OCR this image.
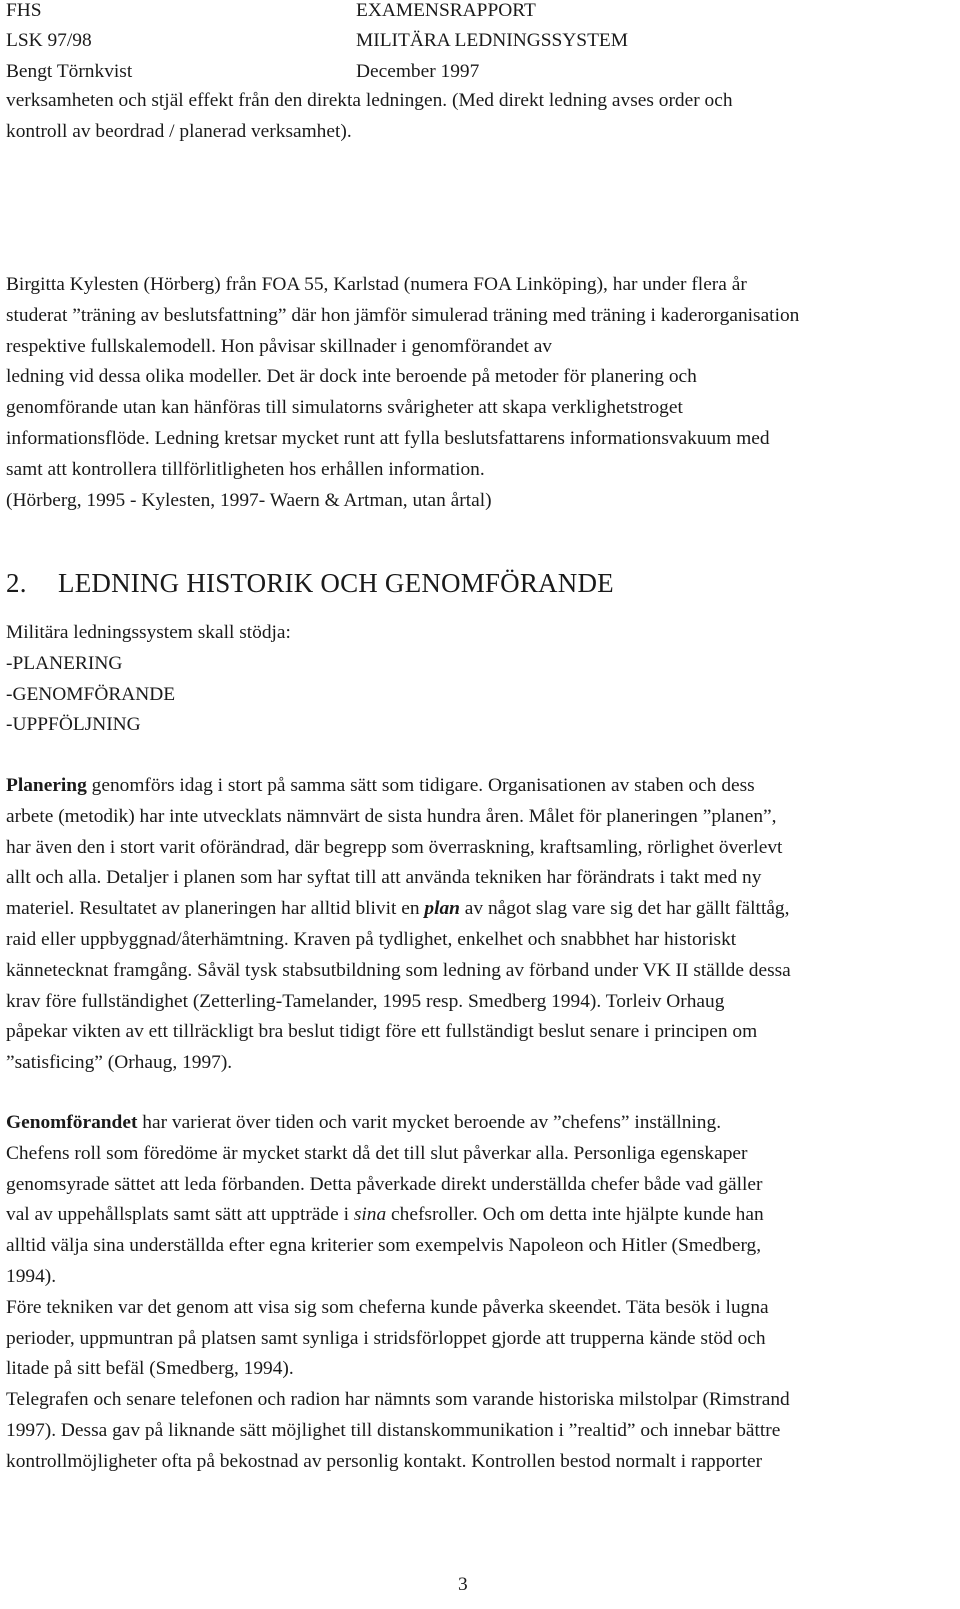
FHS	EXAMENSRAPPORT
LSK 97/98	MILITÄRA LEDNINGSSYSTEM
Bengt Törnkvist	December 1997
verksamheten och stjäl effekt från den direkta ledningen. (Med direkt ledning avses order och
kontroll av beordrad / planerad verksamhet).
Birgitta Kylesten (Hörberg) från FOA 55, Karlstad (numera FOA Linköping), har under flera år
studerat ”träning av beslutsfattning” där hon jämför simulerad träning med träning i kaderorganisation
respektive fullskalemodell. Hon påvisar skillnader i genomförandet av
ledning vid dessa olika modeller. Det är dock inte beroende på metoder för planering och
genomförande utan kan hänföras till simulatorns svårigheter att skapa verklighetstroget
informationsflöde. Ledning kretsar mycket runt att fylla beslutsfattarens informationsvakuum med
samt att kontrollera tillförlitligheten hos erhållen information.
(Hörberg, 1995 - Kylesten, 1997- Waern & Artman, utan årtal)
2. LEDNING HISTORIK OCH GENOMFÖRANDE
Militära ledningssystem skall stödja:
-PLANERING
-GENOMFÖRANDE
-UPPFÖLJNING
Planering genomförs idag i stort på samma sätt som tidigare. Organisationen av staben och dess
arbete (metodik) har inte utvecklats nämnvärt de sista hundra åren. Målet för planeringen ”planen”,
har även den i stort varit oförändrad, där begrepp som överraskning, kraftsamling, rörlighet överlevt
allt och alla. Detaljer i planen som har syftat till att använda tekniken har förändrats i takt med ny
materiel. Resultatet av planeringen har alltid blivit en plan av något slag vare sig det har gällt fälttåg,
raid eller uppbyggnad/återhämtning. Kraven på tydlighet, enkelhet och snabbhet har historiskt
kännetecknat framgång. Såväl tysk stabsutbildning som ledning av förband under VK II ställde dessa
krav före fullständighet (Zetterling-Tamelander, 1995 resp. Smedberg 1994). Torleiv Orhaug
påpekar vikten av ett tillräckligt bra beslut tidigt före ett fullständigt beslut senare i principen om
”satisficing” (Orhaug, 1997).
Genomförandet har varierat över tiden och varit mycket beroende av ”chefens” inställning.
Chefens roll som föredöme är mycket starkt då det till slut påverkar alla. Personliga egenskaper
genomsyrade sättet att leda förbanden. Detta påverkade direkt underställda chefer både vad gäller
val av uppehållsplats samt sätt att uppträde i sina chefsroller. Och om detta inte hjälpte kunde han
alltid välja sina underställda efter egna kriterier som exempelvis Napoleon och Hitler (Smedberg,
1994).
Före tekniken var det genom att visa sig som cheferna kunde påverka skeendet. Täta besök i lugna
perioder, uppmuntran på platsen samt synliga i stridsförloppet gjorde att trupperna kände stöd och
litade på sitt befäl (Smedberg, 1994).
Telegrafen och senare telefonen och radion har nämnts som varande historiska milstolpar (Rimstrand
1997). Dessa gav på liknande sätt möjlighet till distanskommunikation i ”realtid” och innebar bättre
kontrollmöjligheter ofta på bekostnad av personlig kontakt. Kontrollen bestod normalt i rapporter
3
